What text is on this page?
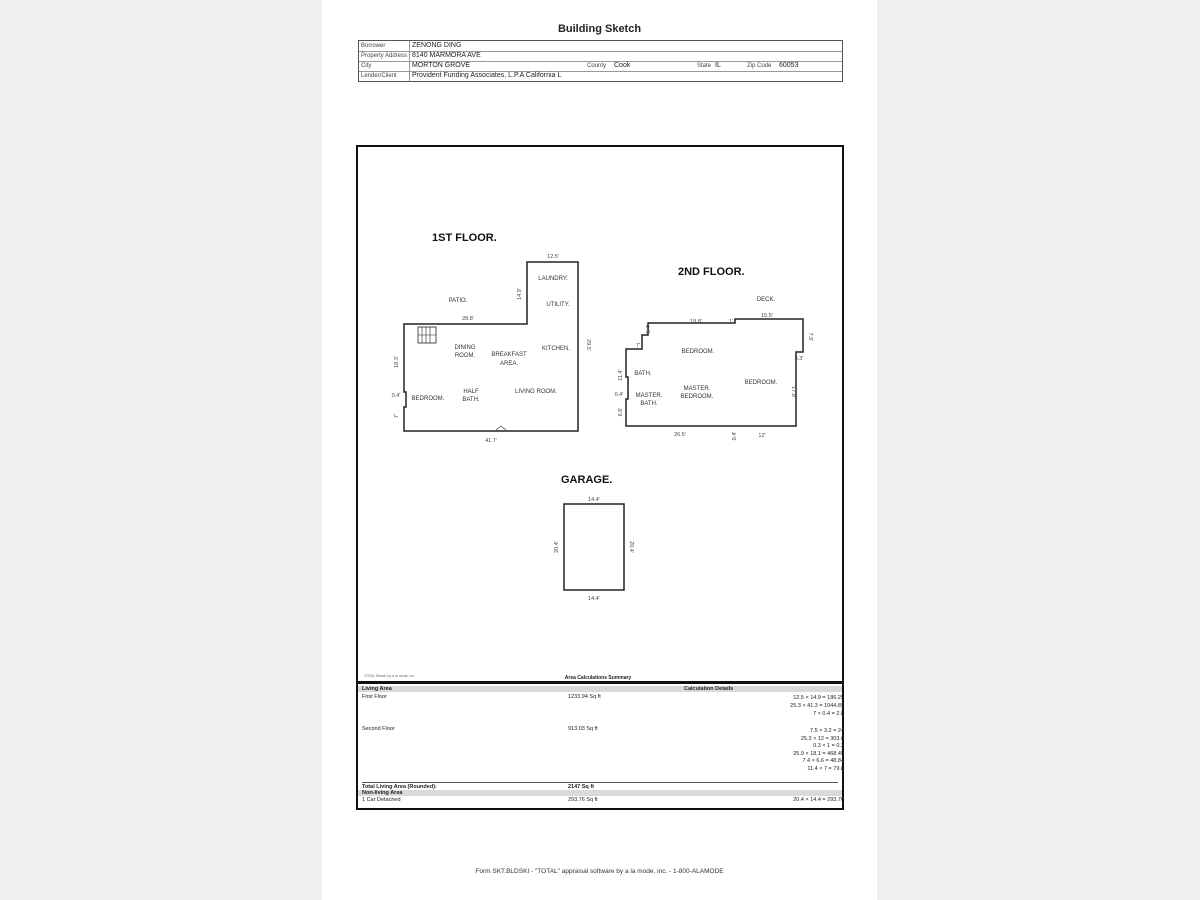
Building Sketch
Borrower	ZENONG DING
Property Address 8140 MARMORA AVE
City	MORTON GROVE	County Cook	State IL	Zip Code 60053
Lender/Client Provident Funding Associates, L.P.A California L
1ST FLOOR.
2ND FLOOR.
GARAGE.
PATIO.
LAUNDRY.
UTILITY.
DINING
ROOM.	BREAKFAST
AREA.
KITCHEN.
BEDROOM.
HALF
BATH.
LIVING ROOM.
DECK.
BEDROOM.
BATH.
MASTER.
BEDROOM.
BEDROOM.
MASTER.
BATH.
12.5'
14.9'
28.8'
29.5'
18.3'
0.4'
7'
41.7'
5.4'
18.8'	1'
15.5'
7.5'
7'
3.3'
11.4'
0.4'	17.8'
6.6'
26.5'	0.4'	12'
14.4'
14.4'
20.4'	20.4'
TOTAL Sketch by a la mode, inc.	Area Calculations Summary
Living Area	Calculation Details
First Floor	1233.94 Sq ft	12.5 × 14.9 = 186.25
25.3 × 41.3 = 1044.89
7 × 0.4 = 2.8
Second Floor	913.03 Sq ft	7.5 × 3.2 = 24
25.3 × 12 = 303.6
0.3 × 1 = 0.3
25.9 × 18.1 = 468.49
7.4 × 6.6 = 48.84
11.4 × 7 = 79.8
Total Living Area (Rounded):	2147 Sq ft
Non-living Area
1 Car Detached	293.76 Sq ft	20.4 × 14.4 = 293.76
Form SKT.BLDSKI - "TOTAL" appraisal software by a la mode, inc. - 1-800-ALAMODE
